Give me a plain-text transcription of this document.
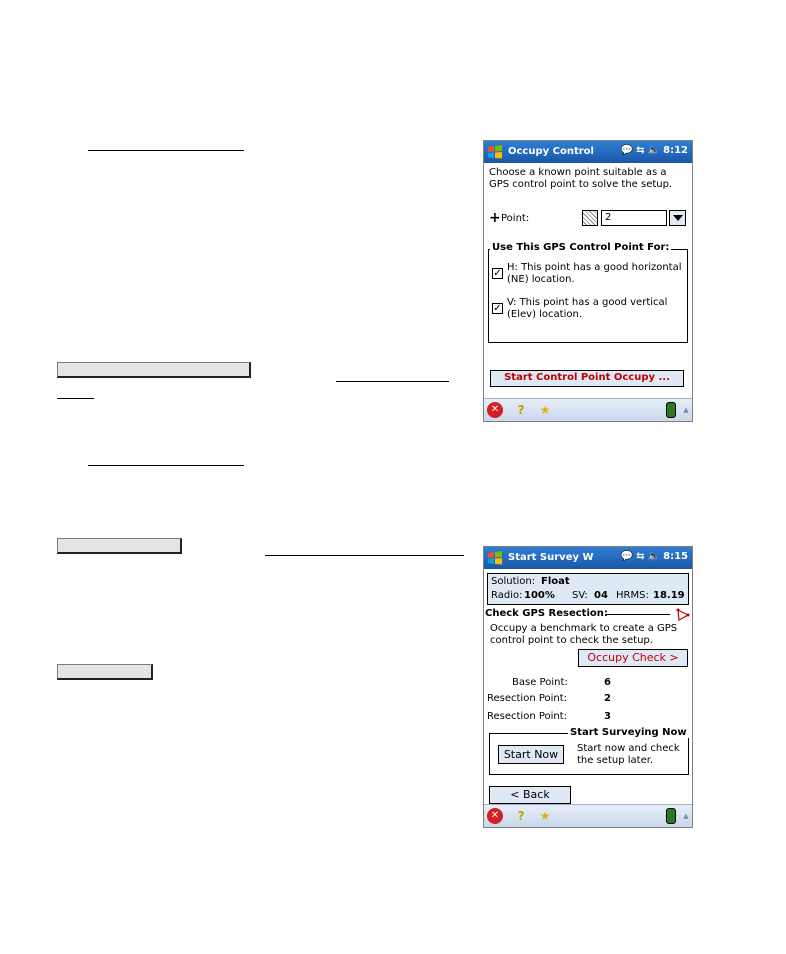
Occupy Control	💬 ⇆ 🔈 8:12
Choose a known point suitable as a GPS control point to solve the setup.
+ Point:	2
Use This GPS Control Point For:
✓
H: This point has a good horizontal (NE) location.
✓
V: This point has a good vertical (Elev) location.
Start Control Point Occupy ...
✕	?	★	▲
Start Survey W	💬 ⇆ 🔈 8:15
Solution: Float
Radio: 100% SV: 04 HRMS: 18.19
Check GPS Resection:
Occupy a benchmark to create a GPS control point to check the setup.
Occupy Check >
Base Point:	6
Resection Point:	2
Resection Point:	3
Start Surveying Now
Start Now	Start now and check the setup later.
< Back
✕	?	★	▲
